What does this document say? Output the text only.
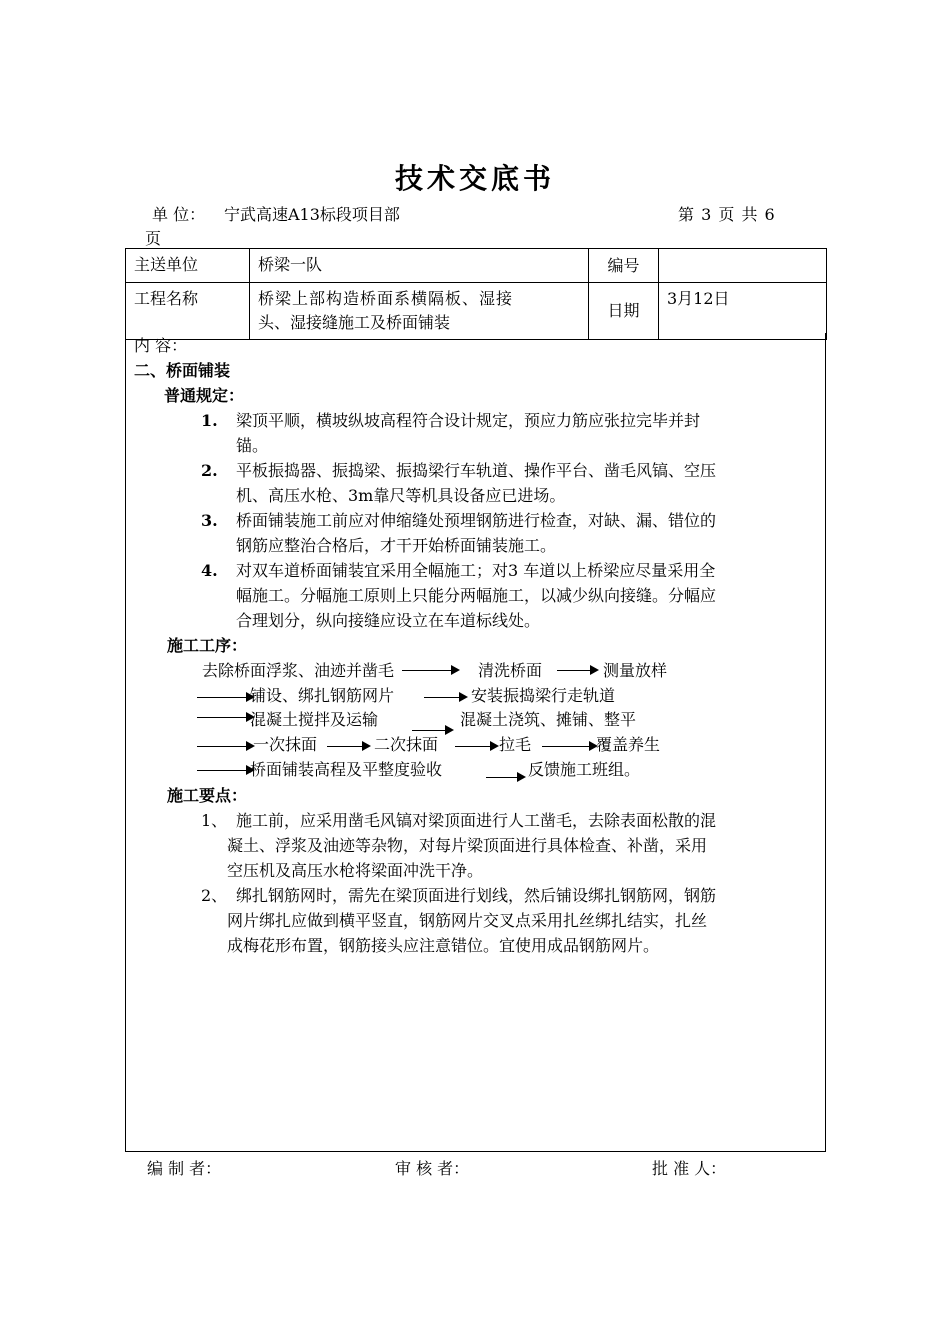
技术交底书
单 位： 宁武高速A13标段项目部	第 3 页 共 6
页
主送单位	桥梁一队	编号	
工程名称	桥梁上部构造桥面系横隔板、湿接
头、湿接缝施工及桥面铺装	日期	3月12日
内 容：
二、桥面铺装
普通规定：
1. 梁顶平顺，横坡纵坡高程符合设计规定，预应力筋应张拉完毕并封
锚。
2. 平板振捣器、振捣梁、振捣梁行车轨道、操作平台、凿毛风镐、空压
机、高压水枪、3m靠尺等机具设备应已进场。
3. 桥面铺装施工前应对伸缩缝处预埋钢筋进行检查，对缺、漏、错位的
钢筋应整治合格后，才干开始桥面铺装施工。
4. 对双车道桥面铺装宜采用全幅施工；对3 车道以上桥梁应尽量采用全
幅施工。分幅施工原则上只能分两幅施工，以减少纵向接缝。分幅应
合理划分，纵向接缝应设立在车道标线处。
施工工序：
去除桥面浮浆、油迹并凿毛	清洗桥面	测量放样
铺设、绑扎钢筋网片	安装振捣梁行走轨道
混凝土搅拌及运输	混凝土浇筑、摊铺、整平
一次抹面	二次抹面	拉毛	覆盖养生
桥面铺装高程及平整度验收	反馈施工班组。
施工要点：
1、 施工前，应采用凿毛风镐对梁顶面进行人工凿毛，去除表面松散的混
凝土、浮浆及油迹等杂物，对每片梁顶面进行具体检查、补凿，采用
空压机及高压水枪将梁面冲洗干净。
2、 绑扎钢筋网时，需先在梁顶面进行划线，然后铺设绑扎钢筋网，钢筋
网片绑扎应做到横平竖直，钢筋网片交叉点采用扎丝绑扎结实，扎丝
成梅花形布置，钢筋接头应注意错位。宜使用成品钢筋网片。
编 制 者：	审 核 者：	批 准 人：
